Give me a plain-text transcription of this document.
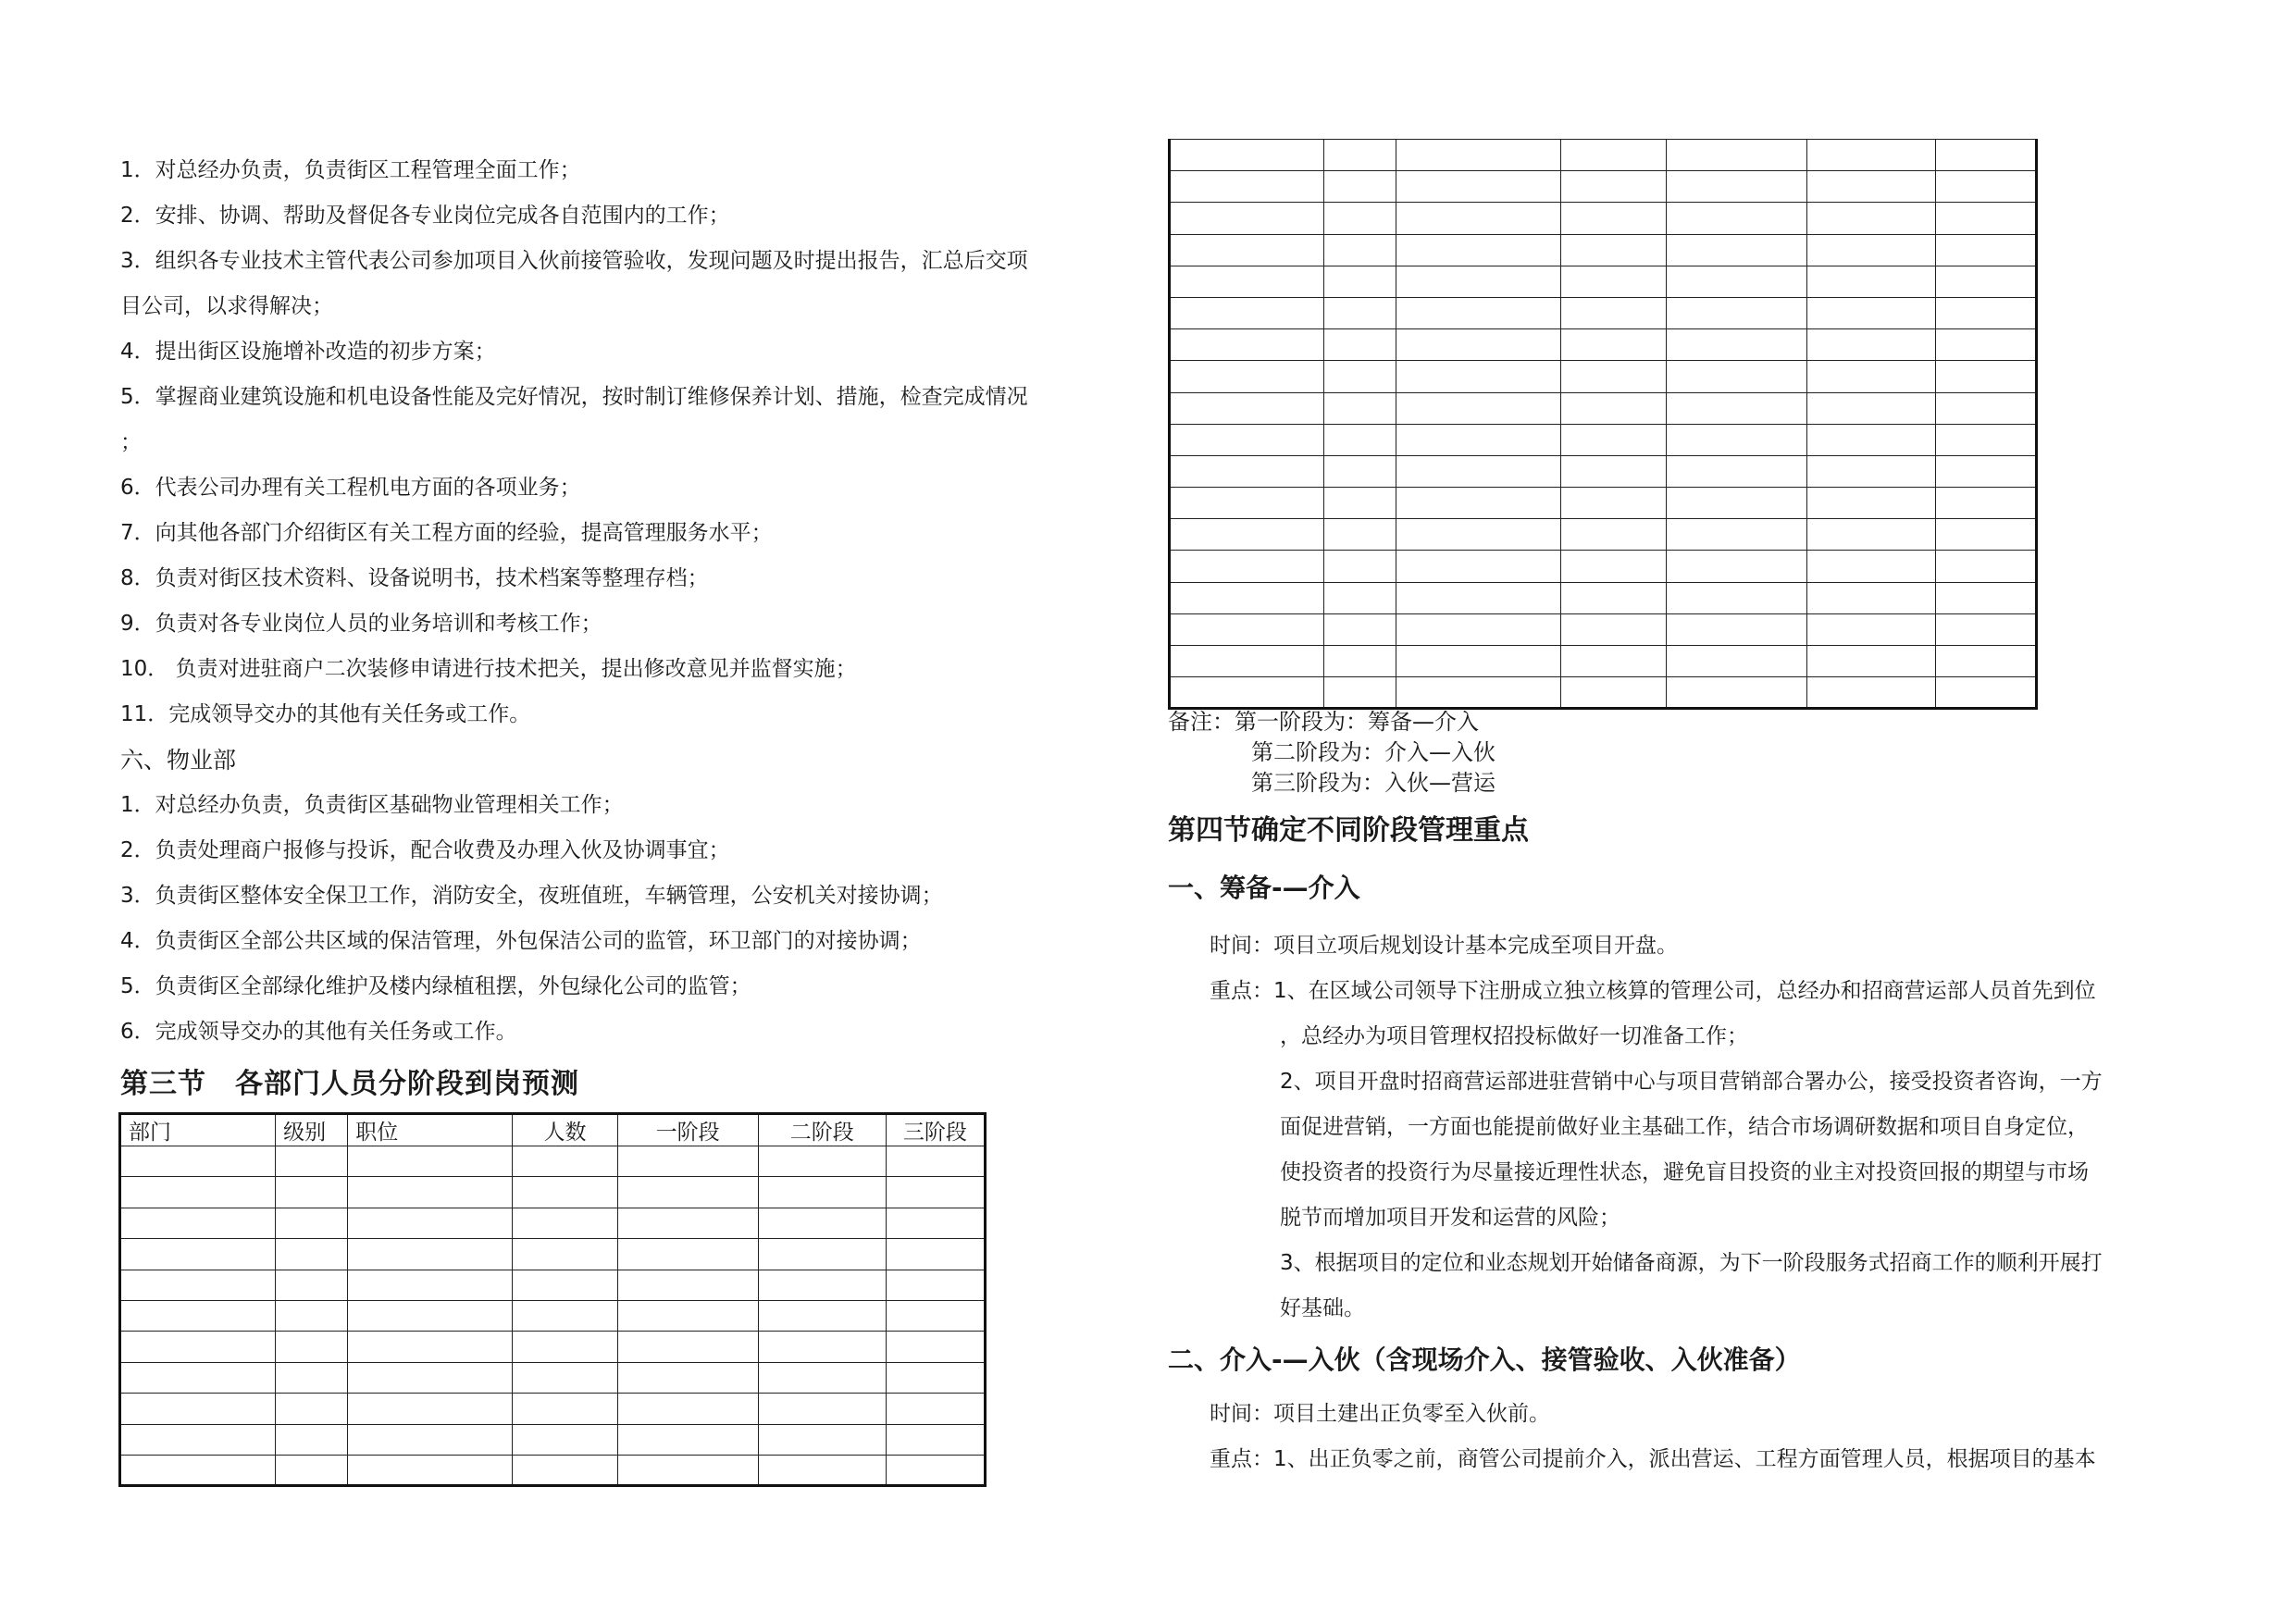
1．对总经办负责，负责街区工程管理全面工作；
2．安排、协调、帮助及督促各专业岗位完成各自范围内的工作；
3．组织各专业技术主管代表公司参加项目入伙前接管验收，发现问题及时提出报告，汇总后交项
目公司，以求得解决；
4．提出街区设施增补改造的初步方案；
5．掌握商业建筑设施和机电设备性能及完好情况，按时制订维修保养计划、措施，检查完成情况
；
6．代表公司办理有关工程机电方面的各项业务；
7．向其他各部门介绍街区有关工程方面的经验，提高管理服务水平；
8．负责对街区技术资料、设备说明书，技术档案等整理存档；
9．负责对各专业岗位人员的业务培训和考核工作；
10． 负责对进驻商户二次装修申请进行技术把关，提出修改意见并监督实施；
11．完成领导交办的其他有关任务或工作。
六、物业部
1．对总经办负责，负责街区基础物业管理相关工作；
2．负责处理商户报修与投诉，配合收费及办理入伙及协调事宜；
3．负责街区整体安全保卫工作，消防安全，夜班值班，车辆管理，公安机关对接协调；
4．负责街区全部公共区域的保洁管理，外包保洁公司的监管，环卫部门的对接协调；
5．负责街区全部绿化维护及楼内绿植租摆，外包绿化公司的监管；
6．完成领导交办的其他有关任务或工作。
第三节　各部门人员分阶段到岗预测
部门	级别	职位	人数	一阶段	二阶段	三阶段

备注：第一阶段为：筹备—介入
第二阶段为：介入—入伙
第三阶段为：入伙—营运
第四节确定不同阶段管理重点
一、筹备-—介入
时间：项目立项后规划设计基本完成至项目开盘。
重点：1、在区域公司领导下注册成立独立核算的管理公司，总经办和招商营运部人员首先到位
，总经办为项目管理权招投标做好一切准备工作；
2、项目开盘时招商营运部进驻营销中心与项目营销部合署办公，接受投资者咨询，一方
面促进营销，一方面也能提前做好业主基础工作，结合市场调研数据和项目自身定位，
使投资者的投资行为尽量接近理性状态，避免盲目投资的业主对投资回报的期望与市场
脱节而增加项目开发和运营的风险；
3、根据项目的定位和业态规划开始储备商源，为下一阶段服务式招商工作的顺利开展打
好基础。
二、介入-—入伙（含现场介入、接管验收、入伙准备）
时间：项目土建出正负零至入伙前。
重点：1、出正负零之前，商管公司提前介入，派出营运、工程方面管理人员，根据项目的基本
